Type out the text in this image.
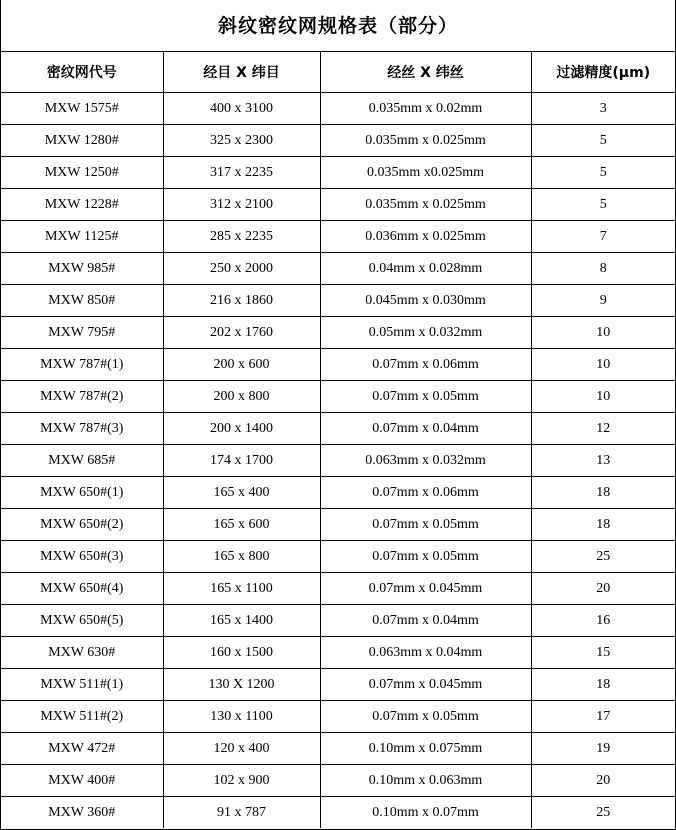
斜纹密纹网规格表（部分）
密纹网代号	经目 X 纬目	经丝 X 纬丝	过滤精度(μm)
MXW 1575#	400 x 3100	0.035mm x 0.02mm	3
MXW 1280#	325 x 2300	0.035mm x 0.025mm	5
MXW 1250#	317 x 2235	0.035mm x0.025mm	5
MXW 1228#	312 x 2100	0.035mm x 0.025mm	5
MXW 1125#	285 x 2235	0.036mm x 0.025mm	7
MXW 985#	250 x 2000	0.04mm x 0.028mm	8
MXW 850#	216 x 1860	0.045mm x 0.030mm	9
MXW 795#	202 x 1760	0.05mm x 0.032mm	10
MXW 787#(1)	200 x 600	0.07mm x 0.06mm	10
MXW 787#(2)	200 x 800	0.07mm x 0.05mm	10
MXW 787#(3)	200 x 1400	0.07mm x 0.04mm	12
MXW 685#	174 x 1700	0.063mm x 0.032mm	13
MXW 650#(1)	165 x 400	0.07mm x 0.06mm	18
MXW 650#(2)	165 x 600	0.07mm x 0.05mm	18
MXW 650#(3)	165 x 800	0.07mm x 0.05mm	25
MXW 650#(4)	165 x 1100	0.07mm x 0.045mm	20
MXW 650#(5)	165 x 1400	0.07mm x 0.04mm	16
MXW 630#	160 x 1500	0.063mm x 0.04mm	15
MXW 511#(1)	130 X 1200	0.07mm x 0.045mm	18
MXW 511#(2)	130 x 1100	0.07mm x 0.05mm	17
MXW 472#	120 x 400	0.10mm x 0.075mm	19
MXW 400#	102 x 900	0.10mm x 0.063mm	20
MXW 360#	91 x 787	0.10mm x 0.07mm	25
